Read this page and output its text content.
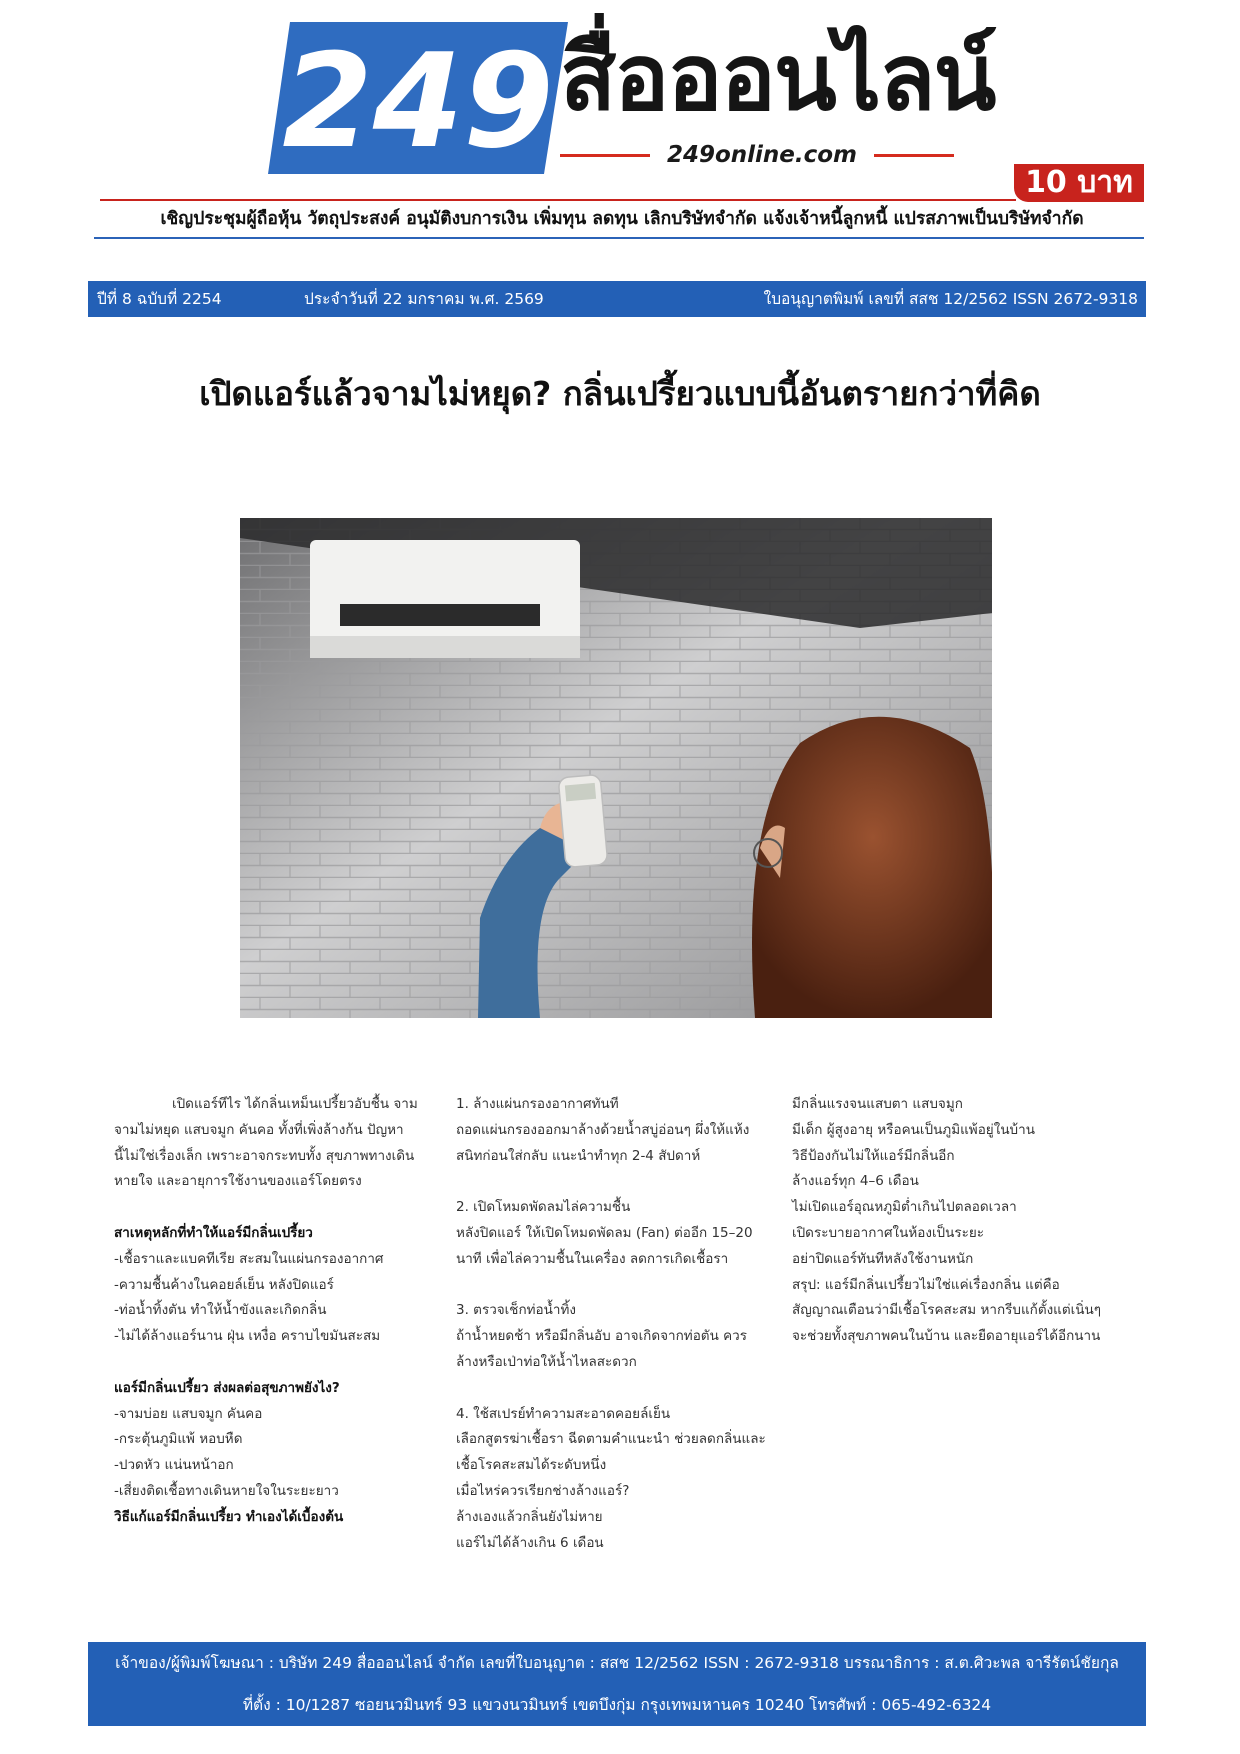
249 สื่อออนไลน์
249online.com
10 บาท
เชิญประชุมผู้ถือหุ้น วัตถุประสงค์ อนุมัติงบการเงิน เพิ่มทุน ลดทุน เลิกบริษัทจำกัด แจ้งเจ้าหนี้ลูกหนี้ แปรสภาพเป็นบริษัทจำกัด
ปีที่ 8 ฉบับที่ 2254	ประจำวันที่ 22 มกราคม พ.ศ. 2569	ใบอนุญาตพิมพ์ เลขที่ สสช 12/2562 ISSN 2672-9318
เปิดแอร์แล้วจามไม่หยุด? กลิ่นเปรี้ยวแบบนี้อันตรายกว่าที่คิด

เปิดแอร์ทีไร ได้กลิ่นเหม็นเปรี้ยวอับชื้น จาม

จามไม่หยุด แสบจมูก คันคอ ทั้งที่เพิ่งล้างก้น ปัญหา

นี้ไม่ใช่เรื่องเล็ก เพราะอาจกระทบทั้ง สุขภาพทางเดิน

หายใจ และอายุการใช้งานของแอร์โดยตรง

สาเหตุหลักที่ทำให้แอร์มีกลิ่นเปรี้ยว

-เชื้อราและแบคทีเรีย สะสมในแผ่นกรองอากาศ

-ความชื้นค้างในคอยล์เย็น หลังปิดแอร์

-ท่อน้ำทิ้งตัน ทำให้น้ำขังและเกิดกลิ่น

-ไม่ได้ล้างแอร์นาน ฝุ่น เหงื่อ คราบไขมันสะสม

แอร์มีกลิ่นเปรี้ยว ส่งผลต่อสุขภาพยังไง?

-จามบ่อย แสบจมูก คันคอ

-กระตุ้นภูมิแพ้ หอบหืด

-ปวดหัว แน่นหน้าอก

-เสี่ยงติดเชื้อทางเดินหายใจในระยะยาว

วิธีแก้แอร์มีกลิ่นเปรี้ยว ทำเองได้เบื้องต้น

1. ล้างแผ่นกรองอากาศทันที

ถอดแผ่นกรองออกมาล้างด้วยน้ำสบู่อ่อนๆ ผึ่งให้แห้ง

สนิทก่อนใส่กลับ แนะนำทำทุก 2-4 สัปดาห์

2. เปิดโหมดพัดลมไล่ความชื้น

หลังปิดแอร์ ให้เปิดโหมดพัดลม (Fan) ต่ออีก 15–20

นาที เพื่อไล่ความชื้นในเครื่อง ลดการเกิดเชื้อรา

3. ตรวจเช็กท่อน้ำทิ้ง

ถ้าน้ำหยดช้า หรือมีกลิ่นอับ อาจเกิดจากท่อตัน ควร

ล้างหรือเป่าท่อให้น้ำไหลสะดวก

4. ใช้สเปรย์ทำความสะอาดคอยล์เย็น

เลือกสูตรฆ่าเชื้อรา ฉีดตามคำแนะนำ ช่วยลดกลิ่นและ

เชื้อโรคสะสมได้ระดับหนึ่ง

เมื่อไหร่ควรเรียกช่างล้างแอร์?

ล้างเองแล้วกลิ่นยังไม่หาย

แอร์ไม่ได้ล้างเกิน 6 เดือน

มีกลิ่นแรงจนแสบตา แสบจมูก

มีเด็ก ผู้สูงอายุ หรือคนเป็นภูมิแพ้อยู่ในบ้าน

วิธีป้องกันไม่ให้แอร์มีกลิ่นอีก

ล้างแอร์ทุก 4–6 เดือน

ไม่เปิดแอร์อุณหภูมิต่ำเกินไปตลอดเวลา

เปิดระบายอากาศในห้องเป็นระยะ

อย่าปิดแอร์ทันทีหลังใช้งานหนัก

สรุป: แอร์มีกลิ่นเปรี้ยวไม่ใช่แค่เรื่องกลิ่น แต่คือ

สัญญาณเตือนว่ามีเชื้อโรคสะสม หากรีบแก้ตั้งแต่เนิ่นๆ

จะช่วยทั้งสุขภาพคนในบ้าน และยืดอายุแอร์ได้อีกนาน

เจ้าของ/ผู้พิมพ์โฆษณา : บริษัท 249 สื่อออนไลน์ จำกัด เลขที่ใบอนุญาต : สสช 12/2562 ISSN : 2672-9318 บรรณาธิการ : ส.ต.ศิวะพล จารีรัตน์ชัยกุล

ที่ตั้ง : 10/1287 ซอยนวมินทร์ 93 แขวงนวมินทร์ เขตบึงกุ่ม กรุงเทพมหานคร 10240 โทรศัพท์ : 065-492-6324
